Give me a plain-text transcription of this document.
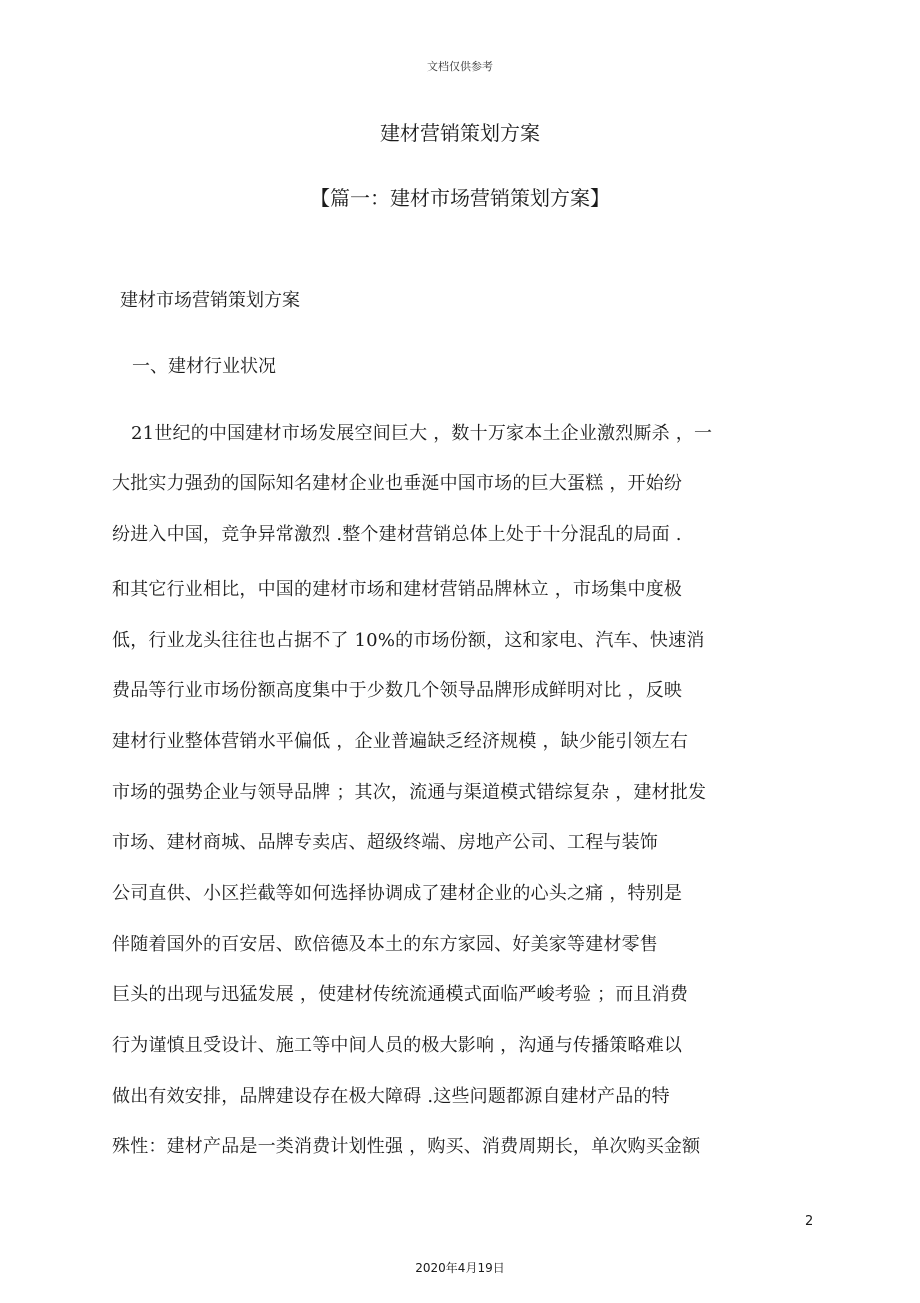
文档仅供参考
建材营销策划方案
【篇一：建材市场营销策划方案】
建材市场营销策划方案
一、建材行业状况
21世纪的中国建材市场发展空间巨大 ，数十万家本土企业激烈厮杀 ，一
大批实力强劲的国际知名建材企业也垂涎中国市场的巨大蛋糕 ，开始纷
纷进入中国，竞争异常激烈 .整个建材营销总体上处于十分混乱的局面 .
和其它行业相比，中国的建材市场和建材营销品牌林立 ，市场集中度极
低，行业龙头往往也占据不了 10%的市场份额，这和家电、汽车、快速消
费品等行业市场份额高度集中于少数几个领导品牌形成鲜明对比 ，反映
建材行业整体营销水平偏低 ，企业普遍缺乏经济规模 ，缺少能引领左右
市场的强势企业与领导品牌 ；其次，流通与渠道模式错综复杂 ，建材批发
市场、建材商城、品牌专卖店、超级终端、房地产公司、工程与装饰
公司直供、小区拦截等如何选择协调成了建材企业的心头之痛 ，特别是
伴随着国外的百安居、欧倍德及本土的东方家园、好美家等建材零售
巨头的出现与迅猛发展 ，使建材传统流通模式面临严峻考验 ；而且消费
行为谨慎且受设计、施工等中间人员的极大影响 ，沟通与传播策略难以
做出有效安排，品牌建设存在极大障碍 .这些问题都源自建材产品的特
殊性：建材产品是一类消费计划性强 ，购买、消费周期长，单次购买金额
2
2020年4月19日
